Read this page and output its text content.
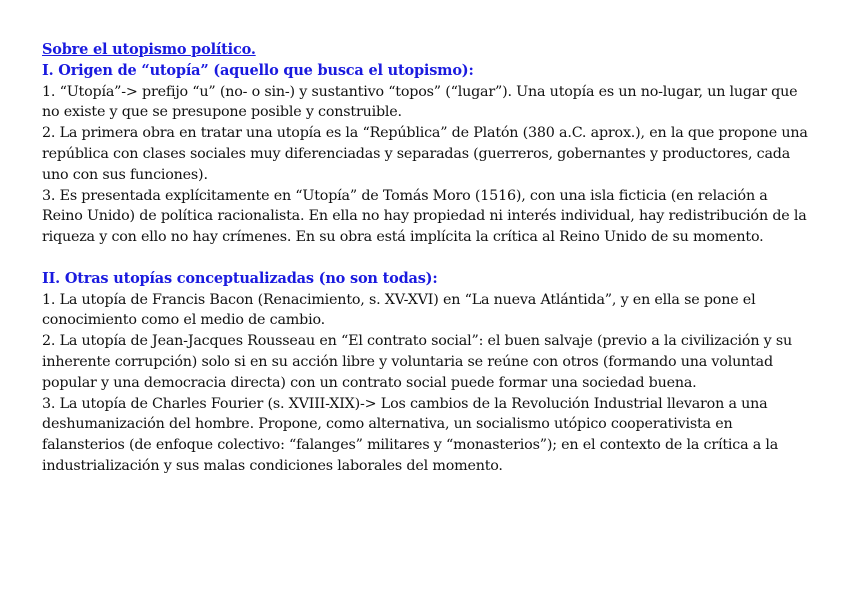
Sobre el utopismo político.
I. Origen de “utopía” (aquello que busca el utopismo):

1. “Utopía”-> prefijo “u” (no- o sin-) y sustantivo “topos” (“lugar”). Una utopía es un no-lugar, un lugar que no existe y que se presupone posible y construible.

2. La primera obra en tratar una utopía es la “República” de Platón (380 a.C. aprox.), en la que propone una república con clases sociales muy diferenciadas y separadas (guerreros, gobernantes y productores, cada uno con sus funciones).

3. Es presentada explícitamente en “Utopía” de Tomás Moro (1516), con una isla ficticia (en relación a Reino Unido) de política racionalista. En ella no hay propiedad ni interés individual, hay redistribución de la riqueza y con ello no hay crímenes. En su obra está implícita la crítica al Reino Unido de su momento.

II. Otras utopías conceptualizadas (no son todas):

1. La utopía de Francis Bacon (Renacimiento, s. XV-XVI) en “La nueva Atlántida”, y en ella se pone el conocimiento como el medio de cambio.

2. La utopía de Jean-Jacques Rousseau en “El contrato social”: el buen salvaje (previo a la civilización y su inherente corrupción) solo si en su acción libre y voluntaria se reúne con otros (formando una voluntad popular y una democracia directa) con un contrato social puede formar una sociedad buena.

3. La utopía de Charles Fourier (s. XVIII-XIX)-> Los cambios de la Revolución Industrial llevaron a una deshumanización del hombre. Propone, como alternativa, un socialismo utópico cooperativista en falansterios (de enfoque colectivo: “falanges” militares y “monasterios”); en el contexto de la crítica a la industrialización y sus malas condiciones laborales del momento.
